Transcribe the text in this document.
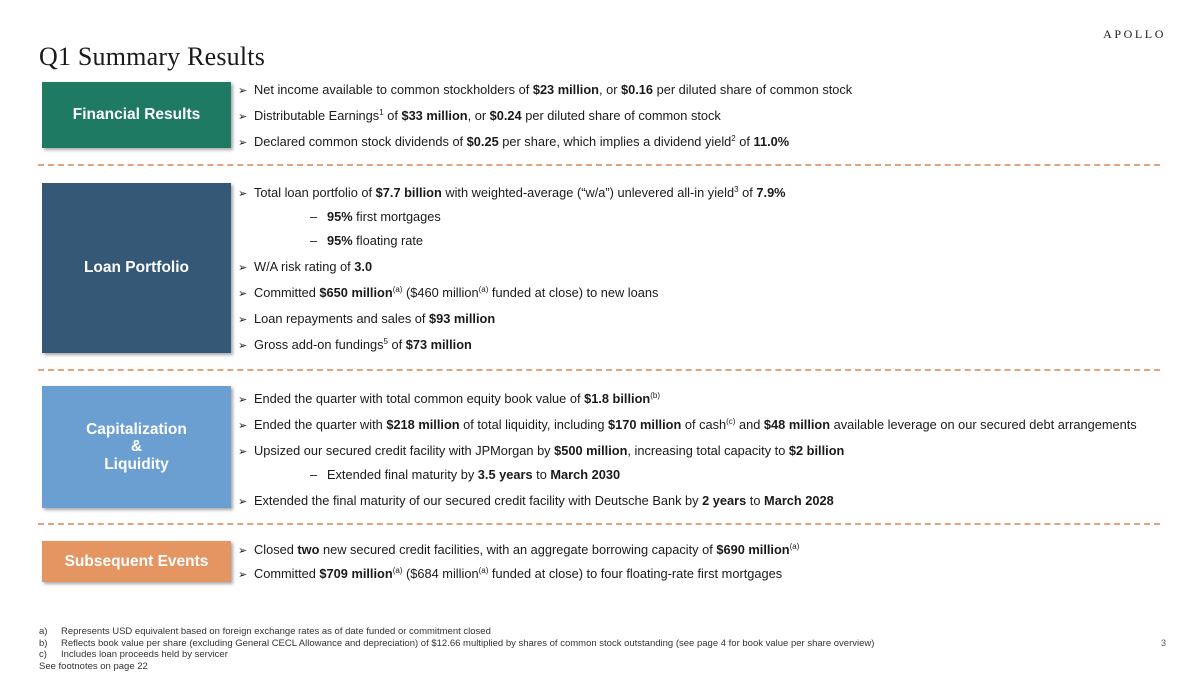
Q1 Summary Results
APOLLO
Financial Results
➢ Net income available to common stockholders of $23 million, or $0.16 per diluted share of common stock
➢ Distributable Earnings$^1$ of $33 million, or $0.24 per diluted share of common stock
➢ Declared common stock dividends of $0.25 per share, which implies a dividend yield$^2$ of 11.0%
Loan Portfolio
➢ Total loan portfolio of $7.7 billion with weighted-average (“w/a”) unlevered all-in yield$^3$ of 7.9%
– 95% first mortgages
– 95% floating rate
➢ W/A risk rating of 3.0
➢ Committed $650 million$^{(a)}$ ($460 million$^{(a)}$ funded at close) to new loans
➢ Loan repayments and sales of $93 million
➢ Gross add-on fundings$^5$ of $73 million
Capitalization
&
Liquidity
➢ Ended the quarter with total common equity book value of $1.8 billion$^{(b)}$
➢ Ended the quarter with $218 million of total liquidity, including $170 million of cash$^{(c)}$ and $48 million available leverage on our secured debt arrangements
➢ Upsized our secured credit facility with JPMorgan by $500 million, increasing total capacity to $2 billion
– Extended final maturity by 3.5 years to March 2030
➢ Extended the final maturity of our secured credit facility with Deutsche Bank by 2 years to March 2028
Subsequent Events
➢ Closed two new secured credit facilities, with an aggregate borrowing capacity of $690 million$^{(a)}$
➢ Committed $709 million$^{(a)}$ ($684 million$^{(a)}$ funded at close) to four floating-rate first mortgages
a) Represents USD equivalent based on foreign exchange rates as of date funded or commitment closed
b) Reflects book value per share (excluding General CECL Allowance and depreciation) of $12.66 multiplied by shares of common stock outstanding (see page 4 for book value per share overview)
c) Includes loan proceeds held by servicer
See footnotes on page 22
3
